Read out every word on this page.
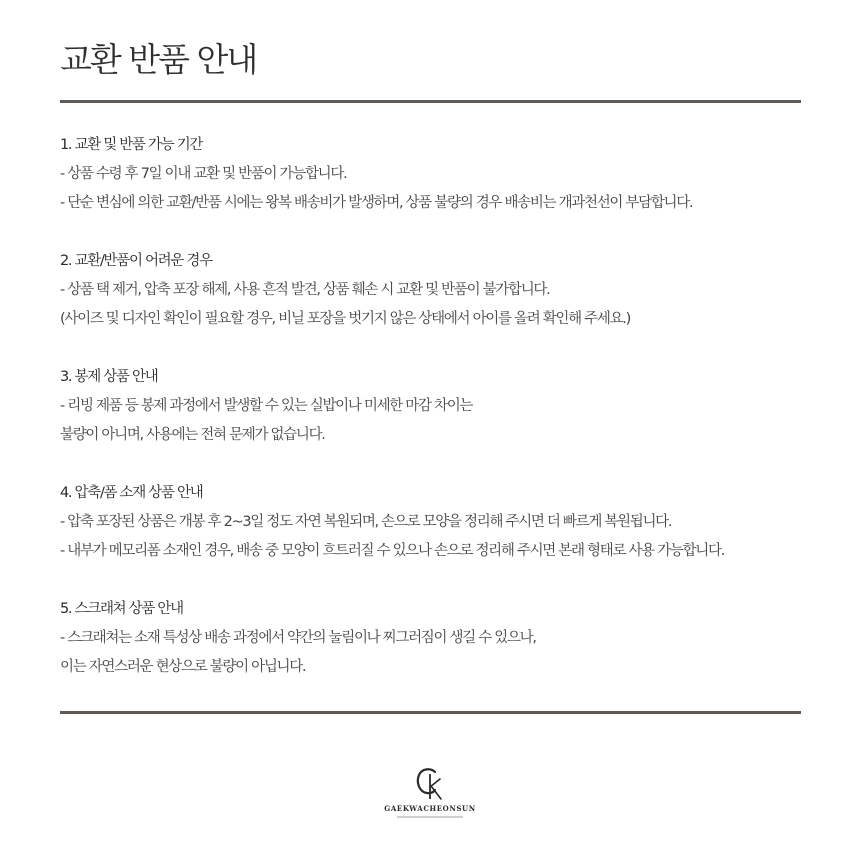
교환 반품 안내
1. 교환 및 반품 가능 기간
- 상품 수령 후 7일 이내 교환 및 반품이 가능합니다.
- 단순 변심에 의한 교환/반품 시에는 왕복 배송비가 발생하며, 상품 불량의 경우 배송비는 개과천선이 부담합니다.
2. 교환/반품이 어려운 경우
- 상품 택 제거, 압축 포장 해제, 사용 흔적 발견, 상품 훼손 시 교환 및 반품이 불가합니다.
(사이즈 및 디자인 확인이 필요할 경우, 비닐 포장을 벗기지 않은 상태에서 아이를 올려 확인해 주세요.)
3. 봉제 상품 안내
- 리빙 제품 등 봉제 과정에서 발생할 수 있는 실밥이나 미세한 마감 차이는
불량이 아니며, 사용에는 전혀 문제가 없습니다.
4. 압축/폼 소재 상품 안내
- 압축 포장된 상품은 개봉 후 2~3일 정도 자연 복원되며, 손으로 모양을 정리해 주시면 더 빠르게 복원됩니다.
- 내부가 메모리폼 소재인 경우, 배송 중 모양이 흐트러질 수 있으나 손으로 정리해 주시면 본래 형태로 사용 가능합니다.
5. 스크래쳐 상품 안내
- 스크래쳐는 소재 특성상 배송 과정에서 약간의 눌림이나 찌그러짐이 생길 수 있으나,
이는 자연스러운 현상으로 불량이 아닙니다.
GAEKWACHEONSUN
